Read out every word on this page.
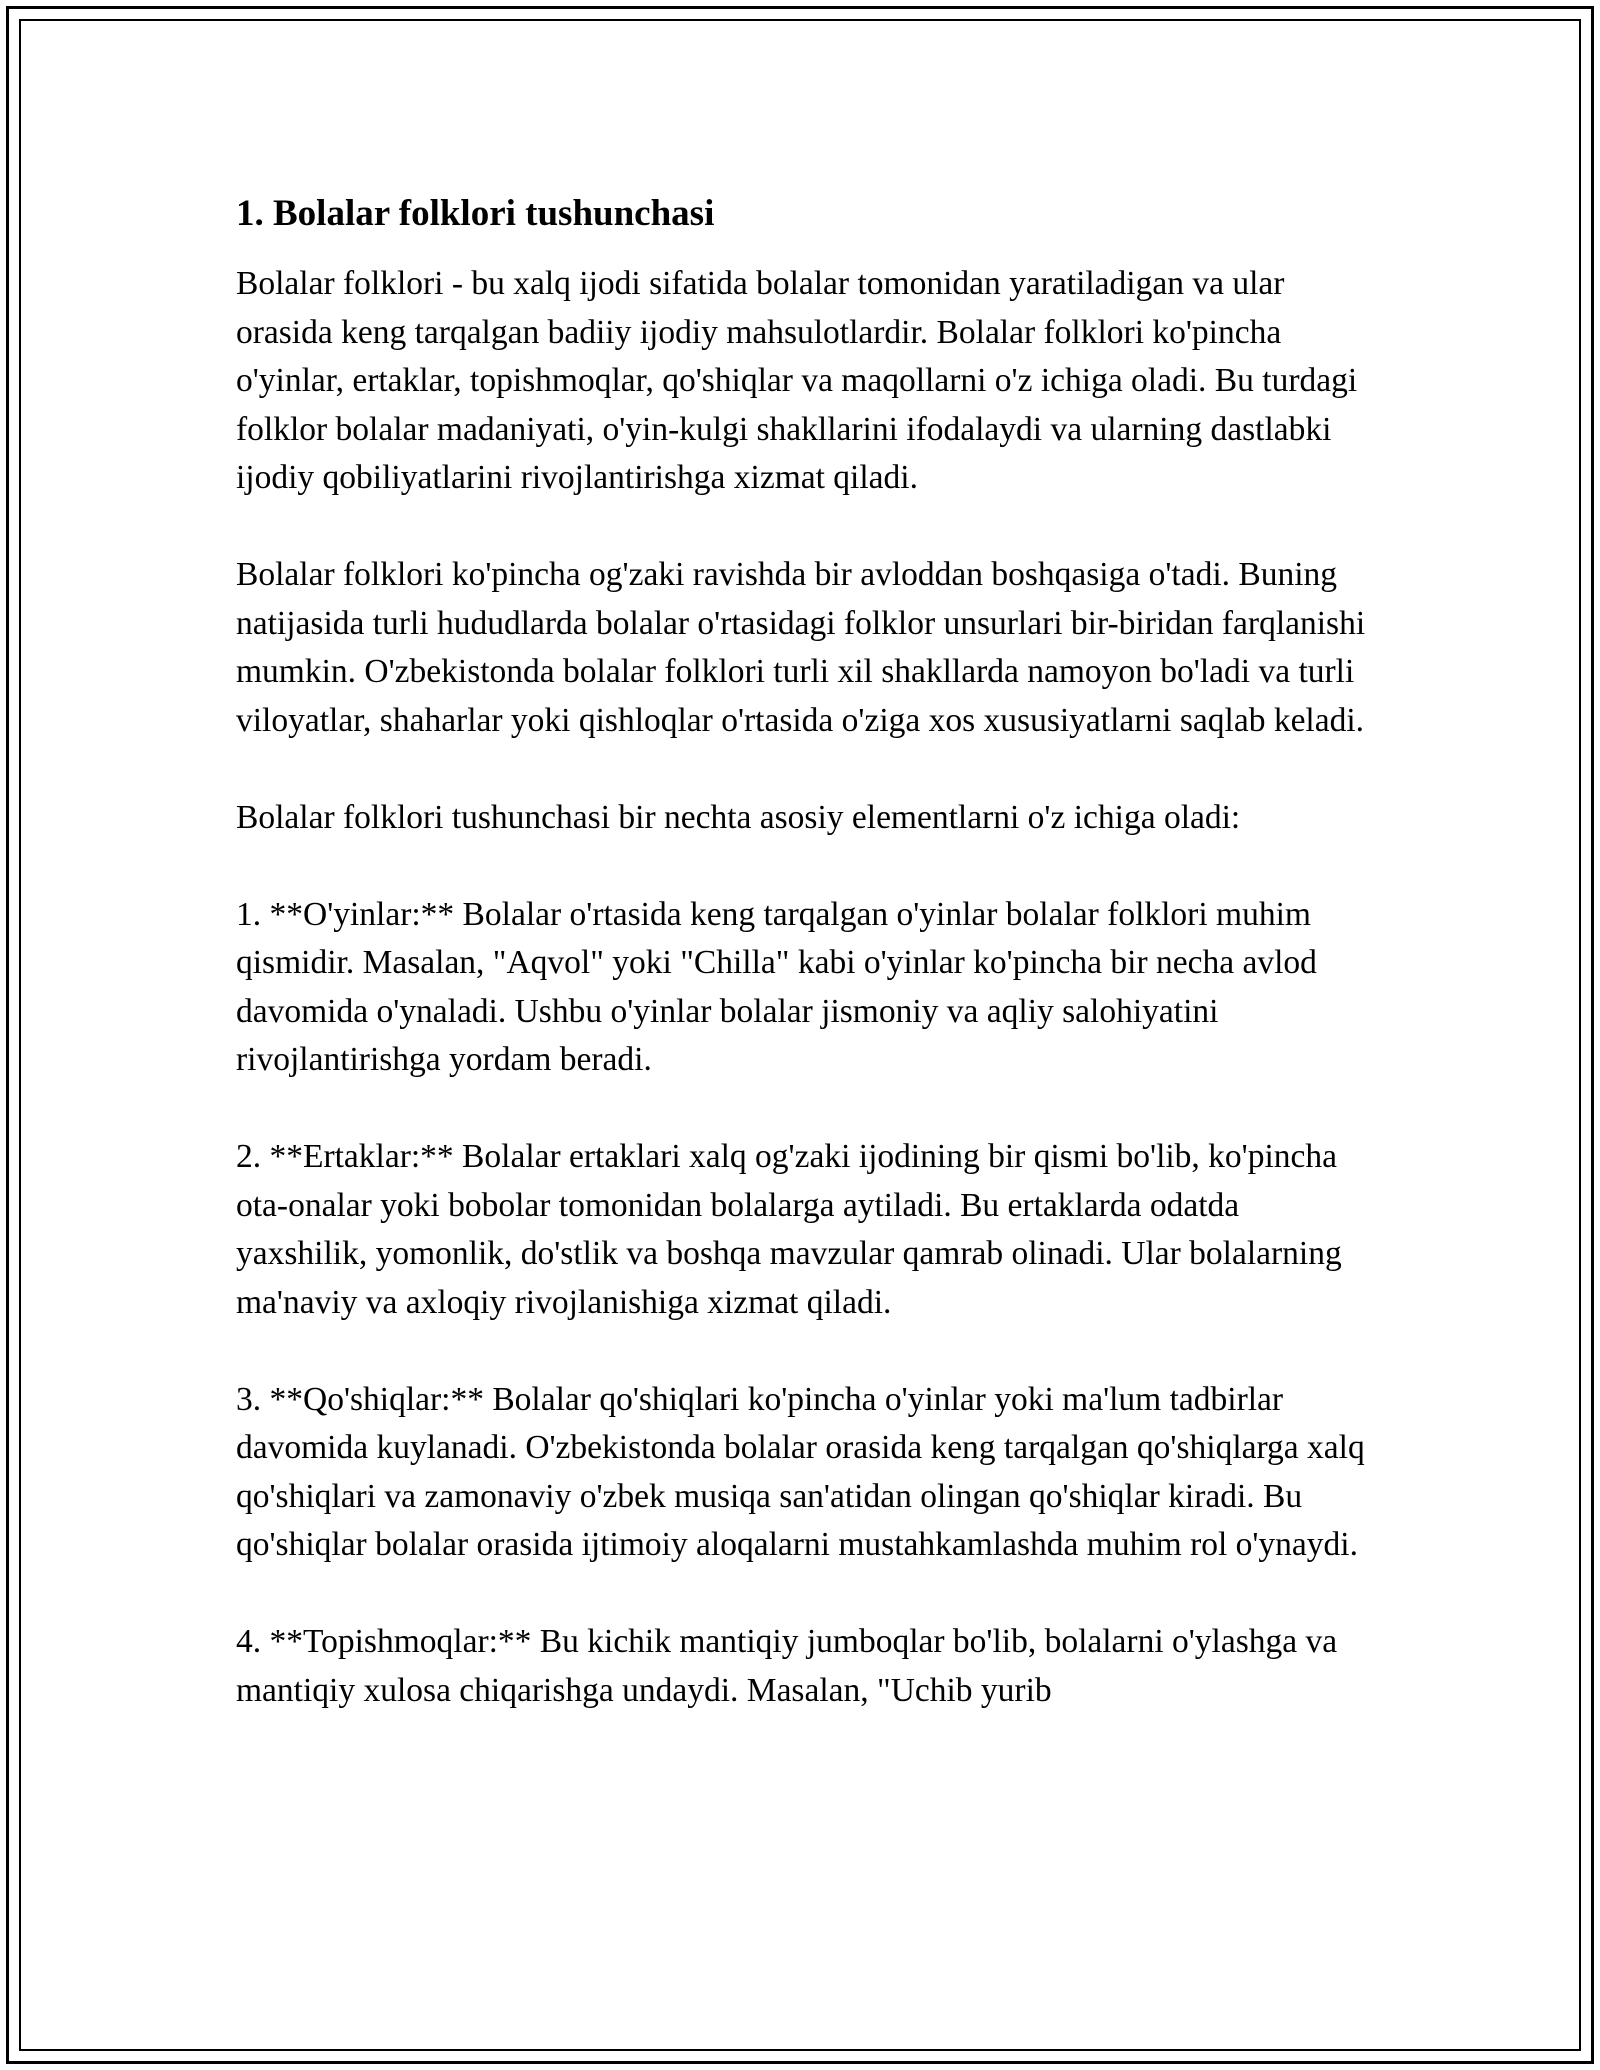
1. Bolalar folklori tushunchasi

Bolalar folklori - bu xalq ijodi sifatida bolalar tomonidan yaratiladigan va ular orasida keng tarqalgan badiiy ijodiy mahsulotlardir. Bolalar folklori ko'pincha o'yinlar, ertaklar, topishmoqlar, qo'shiqlar va maqollarni o'z ichiga oladi. Bu turdagi folklor bolalar madaniyati, o'yin-kulgi shakllarini ifodalaydi va ularning dastlabki ijodiy qobiliyatlarini rivojlantirishga xizmat qiladi.

Bolalar folklori ko'pincha og'zaki ravishda bir avloddan boshqasiga o'tadi. Buning natijasida turli hududlarda bolalar o'rtasidagi folklor unsurlari bir-biridan farqlanishi mumkin. O'zbekistonda bolalar folklori turli xil shakllarda namoyon bo'ladi va turli viloyatlar, shaharlar yoki qishloqlar o'rtasida o'ziga xos xususiyatlarni saqlab keladi.

Bolalar folklori tushunchasi bir nechta asosiy elementlarni o'z ichiga oladi:

1. **O'yinlar:** Bolalar o'rtasida keng tarqalgan o'yinlar bolalar folklori muhim qismidir. Masalan, "Aqvol" yoki "Chilla" kabi o'yinlar ko'pincha bir necha avlod davomida o'ynaladi. Ushbu o'yinlar bolalar jismoniy va aqliy salohiyatini rivojlantirishga yordam beradi.

2. **Ertaklar:** Bolalar ertaklari xalq og'zaki ijodining bir qismi bo'lib, ko'pincha ota-onalar yoki bobolar tomonidan bolalarga aytiladi. Bu ertaklarda odatda yaxshilik, yomonlik, do'stlik va boshqa mavzular qamrab olinadi. Ular bolalarning ma'naviy va axloqiy rivojlanishiga xizmat qiladi.

3. **Qo'shiqlar:** Bolalar qo'shiqlari ko'pincha o'yinlar yoki ma'lum tadbirlar davomida kuylanadi. O'zbekistonda bolalar orasida keng tarqalgan qo'shiqlarga xalq qo'shiqlari va zamonaviy o'zbek musiqa san'atidan olingan qo'shiqlar kiradi. Bu qo'shiqlar bolalar orasida ijtimoiy aloqalarni mustahkamlashda muhim rol o'ynaydi.

4. **Topishmoqlar:** Bu kichik mantiqiy jumboqlar bo'lib, bolalarni o'ylashga va mantiqiy xulosa chiqarishga undaydi. Masalan, "Uchib yurib
